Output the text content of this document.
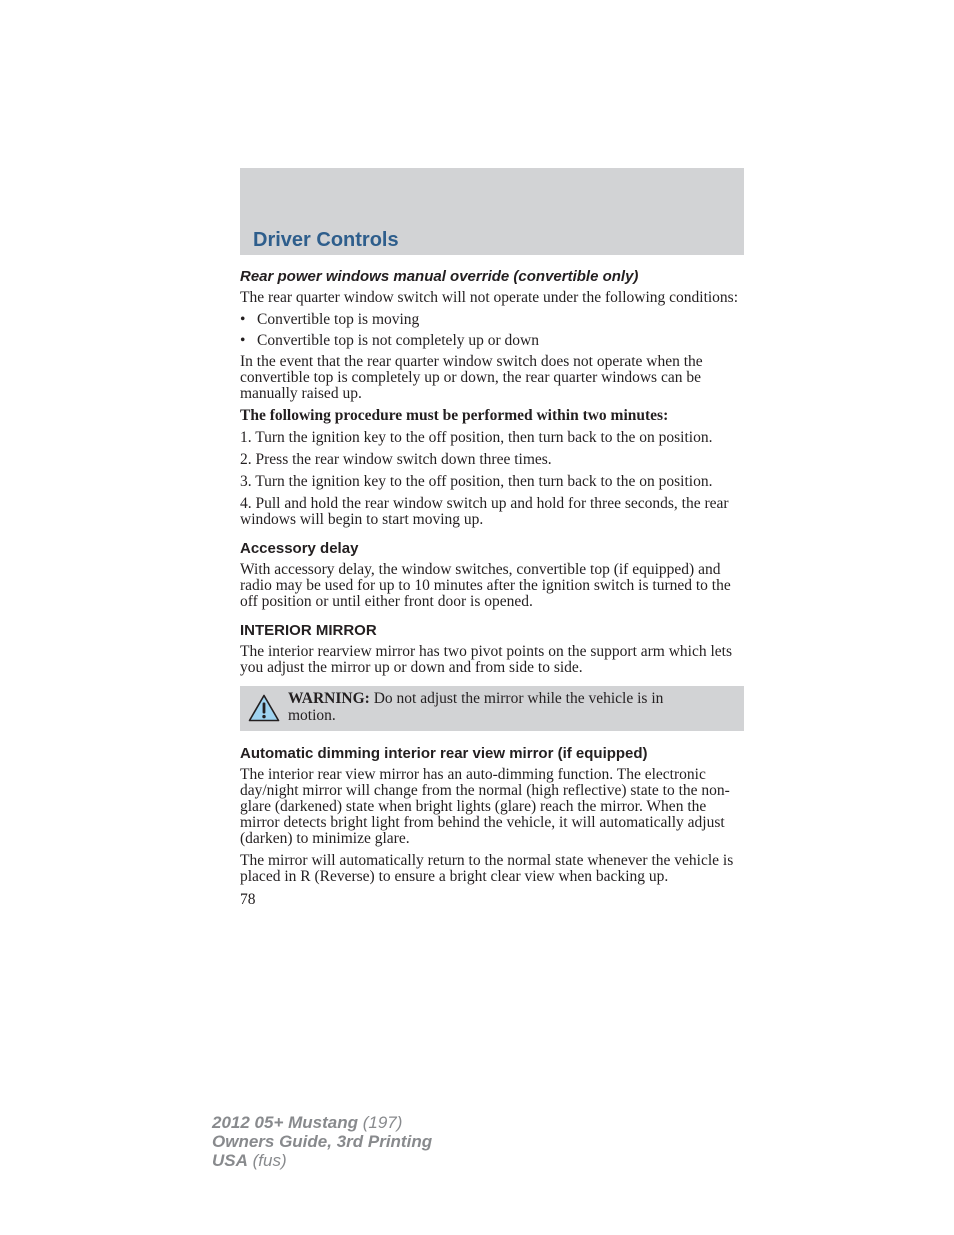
Driver Controls
Rear power windows manual override (convertible only)

The rear quarter window switch will not operate under the following conditions:

• Convertible top is moving
• Convertible top is not completely up or down

In the event that the rear quarter window switch does not operate when the convertible top is completely up or down, the rear quarter windows can be manually raised up.

The following procedure must be performed within two minutes:

1. Turn the ignition key to the off position, then turn back to the on position.

2. Press the rear window switch down three times.

3. Turn the ignition key to the off position, then turn back to the on position.

4. Pull and hold the rear window switch up and hold for three seconds, the rear windows will begin to start moving up.

Accessory delay

With accessory delay, the window switches, convertible top (if equipped) and radio may be used for up to 10 minutes after the ignition switch is turned to the off position or until either front door is opened.

INTERIOR MIRROR

The interior rearview mirror has two pivot points on the support arm which lets you adjust the mirror up or down and from side to side.

WARNING: Do not adjust the mirror while the vehicle is in motion.
Automatic dimming interior rear view mirror (if equipped)

The interior rear view mirror has an auto-dimming function. The electronic day/night mirror will change from the normal (high reflective) state to the non-glare (darkened) state when bright lights (glare) reach the mirror. When the mirror detects bright light from behind the vehicle, it will automatically adjust (darken) to minimize glare.

The mirror will automatically return to the normal state whenever the vehicle is placed in R (Reverse) to ensure a bright clear view when backing up.

78
2012 05+ Mustang (197)
Owners Guide, 3rd Printing
USA (fus)
